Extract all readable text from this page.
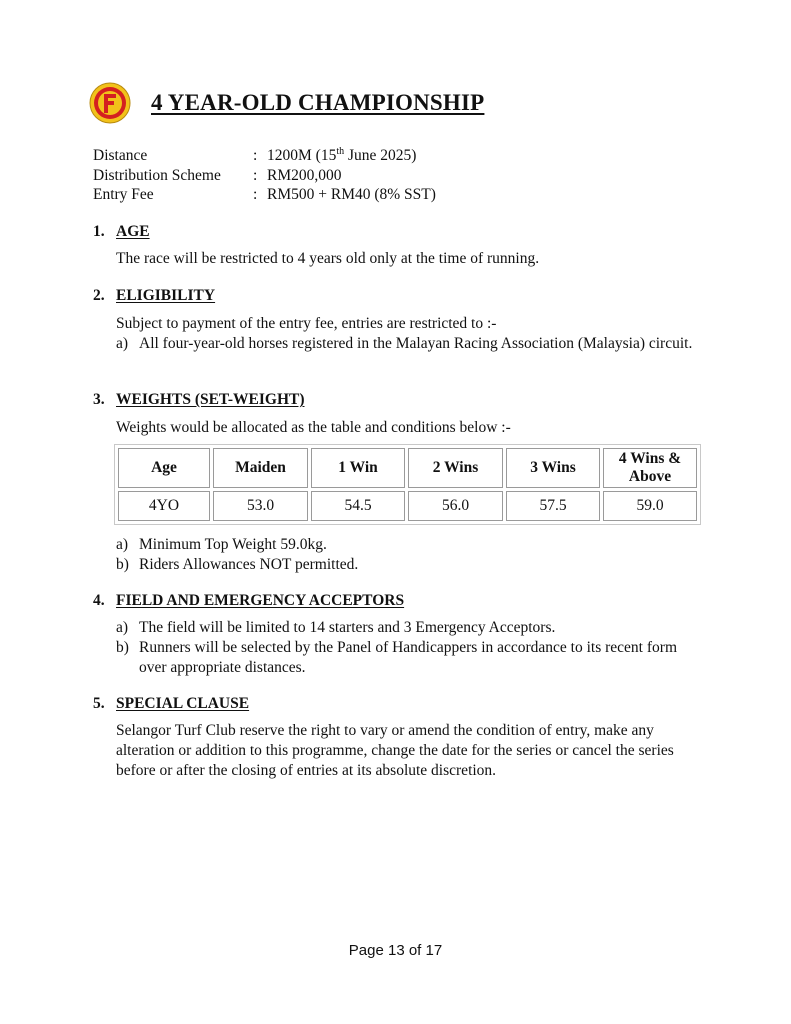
4 YEAR-OLD CHAMPIONSHIP
Distance	: 1200M (15th June 2025)
Distribution Scheme	: RM200,000
Entry Fee	: RM500 + RM40 (8% SST)
1. AGE
The race will be restricted to 4 years old only at the time of running.
2. ELIGIBILITY
Subject to payment of the entry fee, entries are restricted to :-
a) All four-year-old horses registered in the Malayan Racing Association (Malaysia) circuit.
3. WEIGHTS (SET-WEIGHT)
Weights would be allocated as the table and conditions below :-
Age	Maiden	1 Win	2 Wins	3 Wins	4 Wins & Above
4YO	53.0	54.5	56.0	57.5	59.0
a) Minimum Top Weight 59.0kg.
b) Riders Allowances NOT permitted.
4. FIELD AND EMERGENCY ACCEPTORS
a) The field will be limited to 14 starters and 3 Emergency Acceptors.
b) Runners will be selected by the Panel of Handicappers in accordance to its recent form over appropriate distances.
5. SPECIAL CLAUSE
Selangor Turf Club reserve the right to vary or amend the condition of entry, make any alteration or addition to this programme, change the date for the series or cancel the series before or after the closing of entries at its absolute discretion.
Page 13 of 17
